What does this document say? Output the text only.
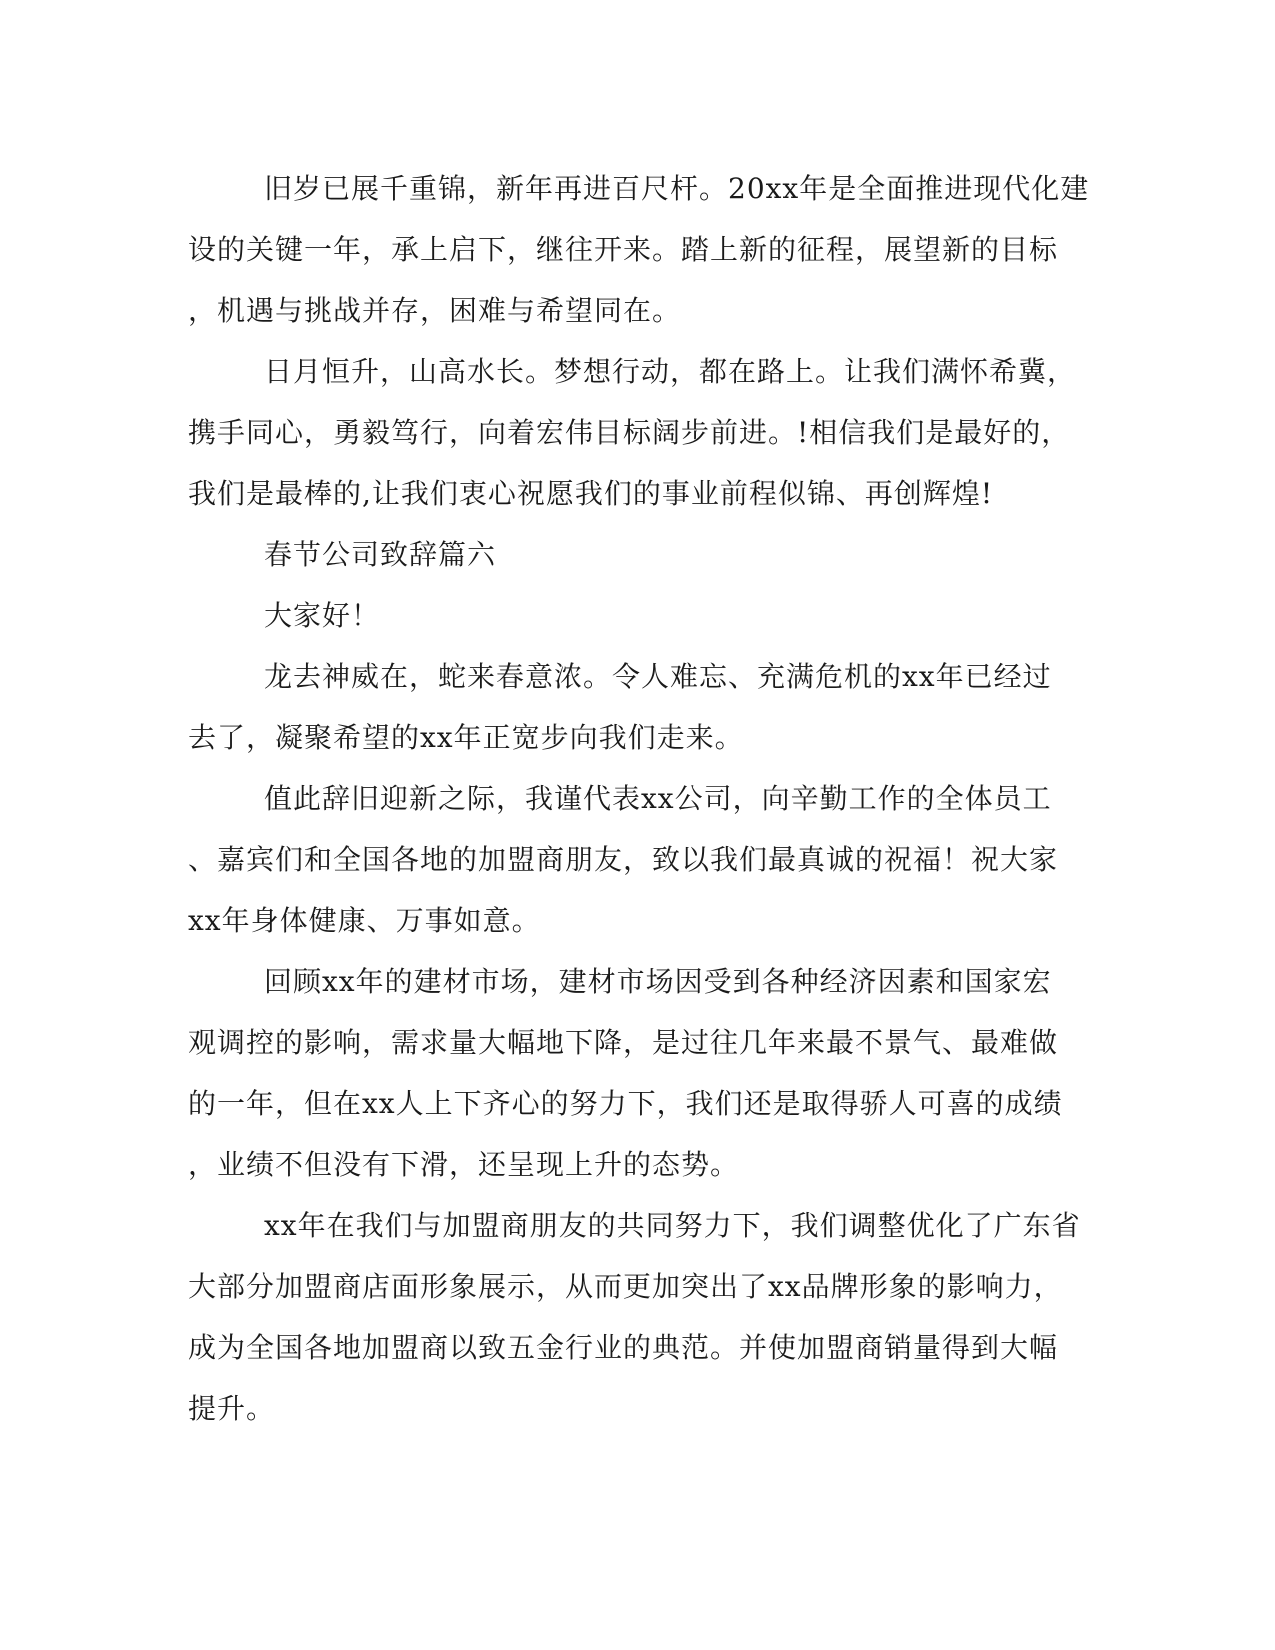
旧岁已展千重锦，新年再进百尺杆。20xx年是全面推进现代化建
设的关键一年，承上启下，继往开来。踏上新的征程，展望新的目标
，机遇与挑战并存，困难与希望同在。
日月恒升，山高水长。梦想行动，都在路上。让我们满怀希冀，
携手同心，勇毅笃行，向着宏伟目标阔步前进。!相信我们是最好的，
我们是最棒的,让我们衷心祝愿我们的事业前程似锦、再创辉煌!
春节公司致辞篇六
大家好！
龙去神威在，蛇来春意浓。令人难忘、充满危机的xx年已经过
去了，凝聚希望的xx年正宽步向我们走来。
值此辞旧迎新之际，我谨代表xx公司，向辛勤工作的全体员工
、嘉宾们和全国各地的加盟商朋友，致以我们最真诚的祝福！祝大家
xx年身体健康、万事如意。
回顾xx年的建材市场，建材市场因受到各种经济因素和国家宏
观调控的影响，需求量大幅地下降，是过往几年来最不景气、最难做
的一年，但在xx人上下齐心的努力下，我们还是取得骄人可喜的成绩
，业绩不但没有下滑，还呈现上升的态势。
xx年在我们与加盟商朋友的共同努力下，我们调整优化了广东省
大部分加盟商店面形象展示，从而更加突出了xx品牌形象的影响力，
成为全国各地加盟商以致五金行业的典范。并使加盟商销量得到大幅
提升。
